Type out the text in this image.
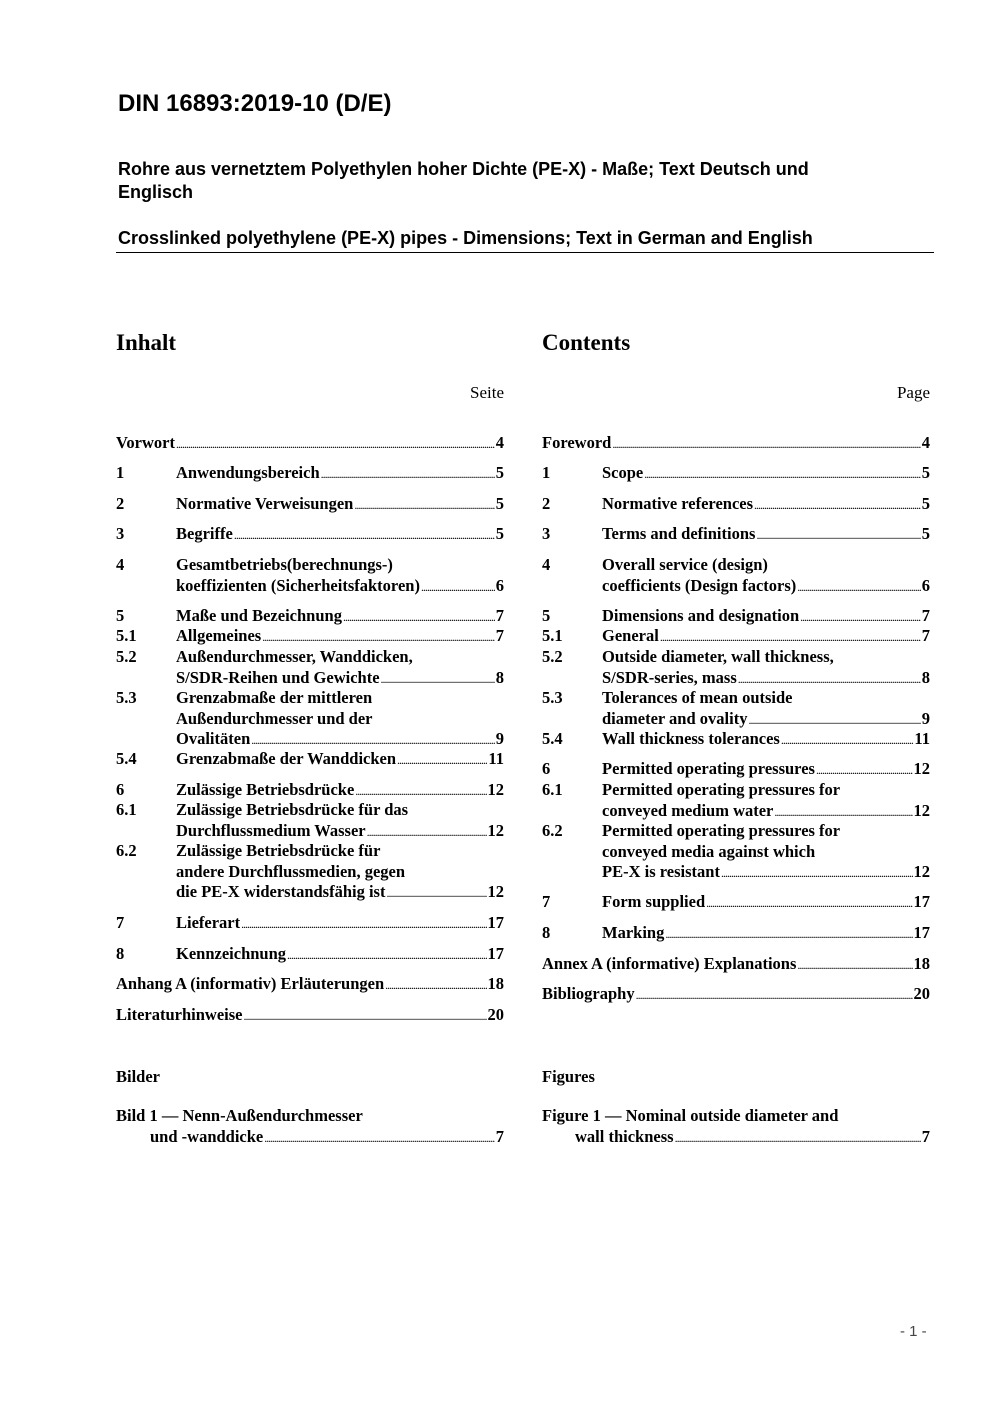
DIN 16893:2019-10 (D/E)
Rohre aus vernetztem Polyethylen hoher Dichte (PE-X) - Maße; Text Deutsch und
Englisch
Crosslinked polyethylene (PE-X) pipes - Dimensions; Text in German and English
Inhalt	Contents
Seite	Page
Vorwort .....	4
1	Anwendungsbereich .....	5
2	Normative Verweisungen .....	5
3	Begriffe .....	5
4	Gesamtbetriebs(berechnungs-)
koeffizienten (Sicherheitsfaktoren) .....	6
5	Maße und Bezeichnung .....	7
5.1 Allgemeines .....	7
5.2 Außendurchmesser, Wanddicken,
S/SDR-Reihen und Gewichte .....	8
5.3 Grenzabmaße der mittleren
Außendurchmesser und der
Ovalitäten .....	9
5.4 Grenzabmaße der Wanddicken .....	11
6	Zulässige Betriebsdrücke .....	12
6.1 Zulässige Betriebsdrücke für das
Durchflussmedium Wasser .....	12
6.2 Zulässige Betriebsdrücke für
andere Durchflussmedien, gegen
die PE-X widerstandsfähig ist .....	12
7	Lieferart .....	17
8	Kennzeichnung .....	17
Anhang A (informativ) Erläuterungen .....	18
Literaturhinweise .....	20
Bild 1 — Nenn-Außendurchmesser
und -wanddicke .....	7
Foreword .....	4
1	Scope .....	5
2	Normative references .....	5
3	Terms and definitions .....	5
4	Overall service (design)
coefficients (Design factors) .....	6
5	Dimensions and designation .....	7
5.1 General .....	7
5.2 Outside diameter, wall thickness,
S/SDR-series, mass .....	8
5.3 Tolerances of mean outside
diameter and ovality .....	9
5.4 Wall thickness tolerances .....	11
6	Permitted operating pressures .....	12
6.1 Permitted operating pressures for
conveyed medium water .....	12
6.2 Permitted operating pressures for
conveyed media against which
PE-X is resistant .....	12
7	Form supplied .....	17
8	Marking .....	17
Annex A (informative) Explanations .....	18
Bibliography .....	20
Figure 1 — Nominal outside diameter and
wall thickness .....	7
Bilder	Figures
- 1 -
